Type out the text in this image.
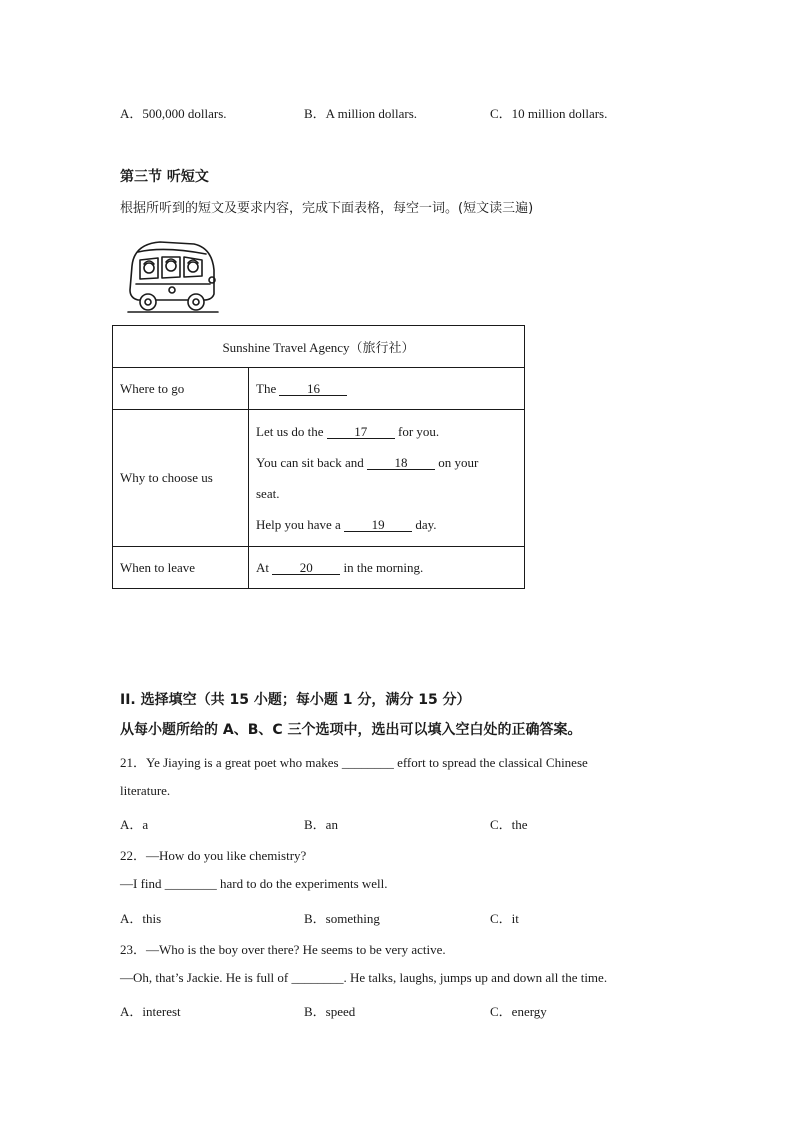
A．500,000 dollars.	B．A million dollars.	C．10 million dollars.
第三节 听短文
根据所听到的短文及要求内容，完成下面表格，每空一词。(短文读三遍)
Sunshine Travel Agency（旅行社）	
Where to go	The 16
Why to choose us	Let us do the 17 for you.
You can sit back and 18 on your
seat.
Help you have a 19 day.

When to leave	At 20 in the morning.
II. 选择填空（共 15 小题；每小题 1 分，满分 15 分）
从每小题所给的 A、B、C 三个选项中，选出可以填入空白处的正确答案。
21．Ye Jiaying is a great poet who makes ________ effort to spread the classical Chinese
literature.
A．a	B．an	C．the
22．—How do you like chemistry?
—I find ________ hard to do the experiments well.
A．this	B．something	C．it
23．—Who is the boy over there? He seems to be very active.
—Oh, that’s Jackie. He is full of ________. He talks, laughs, jumps up and down all the time.
A．interest	B．speed	C．energy
